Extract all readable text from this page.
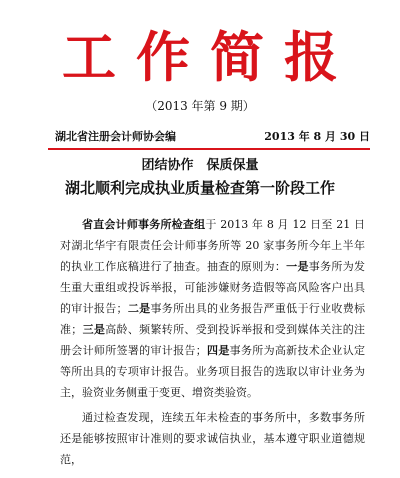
工作简报
（2013 年第 9 期）
湖北省注册会计师协会编	2013 年 8 月 30 日
团结协作　保质保量
湖北顺利完成执业质量检查第一阶段工作

省直会计师事务所检查组于 2013 年 8 月 12 日至 21 日对湖北华宇有限责任会计师事务所等 20 家事务所今年上半年的执业工作底稿进行了抽查。抽查的原则为：一是事务所为发生重大重组或投诉举报，可能涉嫌财务造假等高风险客户出具的审计报告；二是事务所出具的业务报告严重低于行业收费标准；三是高龄、频繁转所、受到投诉举报和受到媒体关注的注册会计师所签署的审计报告；四是事务所为高新技术企业认定等所出具的专项审计报告。业务项目报告的选取以审计业务为主，验资业务侧重于变更、增资类验资。

通过检查发现，连续五年未检查的事务所中，多数事务所还是能够按照审计准则的要求诚信执业，基本遵守职业道德规范，
